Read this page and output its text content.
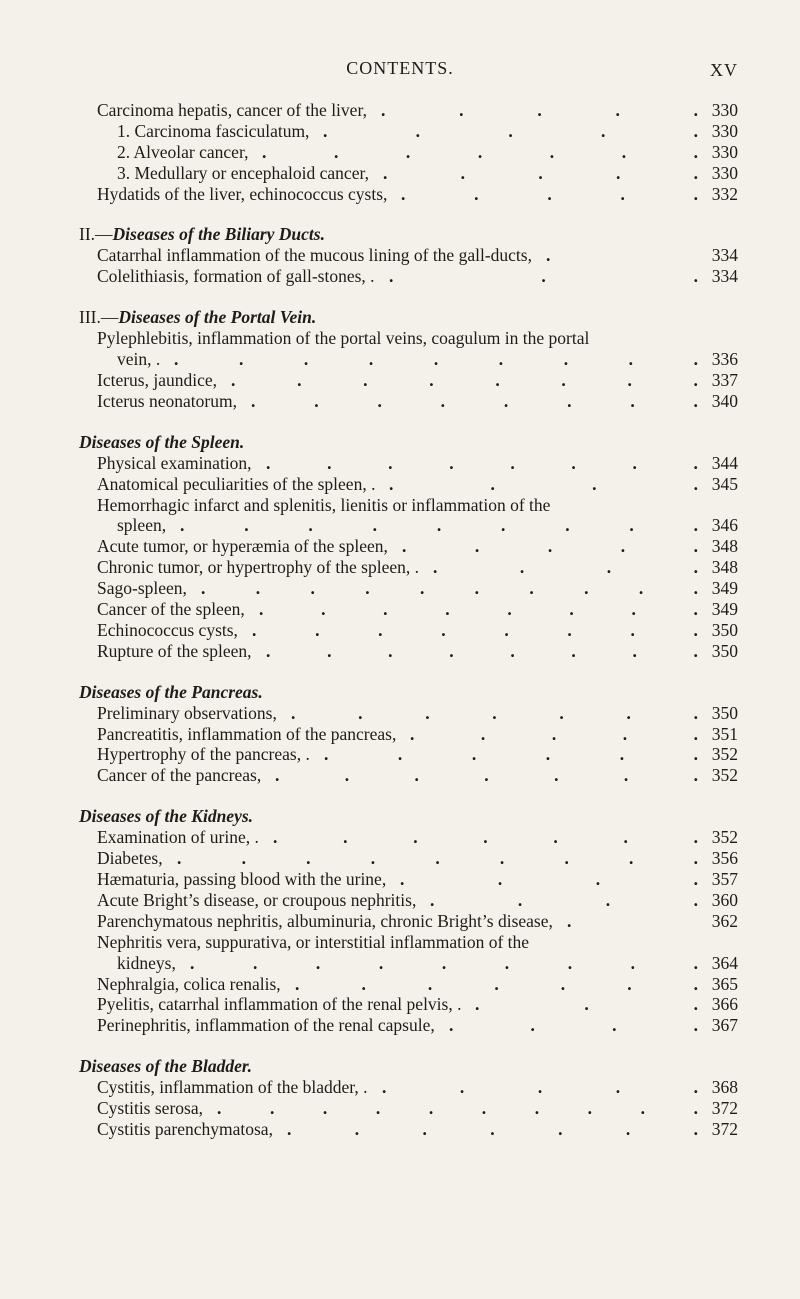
CONTENTS.	XV
Carcinoma hepatis, cancer of the liver, .	.	.	.	. 330
1. Carcinoma fasciculatum, .	.	.	.	. 330
2. Alveolar cancer, .	.	.	.	.	.	. 330
3. Medullary or encephaloid cancer, .	.	.	.	. 330
Hydatids of the liver, echinococcus cysts, .	.	.	.	. 332
II.—Diseases of the Biliary Ducts.
Catarrhal inflammation of the mucous lining of the gall-ducts, .	334
Colelithiasis, formation of gall-stones, . .	.	. 334
III.—Diseases of the Portal Vein.
Pylephlebitis, inflammation of the portal veins, coagulum in the portal
vein, . .	.	.	.	.	.	.	.	. 336
Icterus, jaundice, .	.	.	.	.	.	.	. 337
Icterus neonatorum, .	.	.	.	.	.	.	. 340
Diseases of the Spleen.
Physical examination, .	.	.	.	.	.	.	. 344
Anatomical peculiarities of the spleen, . .	.	.	. 345
Hemorrhagic infarct and splenitis, lienitis or inflammation of the
spleen, .	.	.	.	.	.	.	.	. 346
Acute tumor, or hyperæmia of the spleen, .	.	.	.	. 348
Chronic tumor, or hypertrophy of the spleen, . .	.	.	. 348
Sago-spleen, .	.	.	.	.	.	.	.	.	. 349
Cancer of the spleen, .	.	.	.	.	.	.	. 349
Echinococcus cysts, .	.	.	.	.	.	.	. 350
Rupture of the spleen, .	.	.	.	.	.	.	. 350
Diseases of the Pancreas.
Preliminary observations, .	.	.	.	.	.	. 350
Pancreatitis, inflammation of the pancreas, .	.	.	.	. 351
Hypertrophy of the pancreas, . .	.	.	.	.	. 352
Cancer of the pancreas, .	.	.	.	.	.	. 352
Diseases of the Kidneys.
Examination of urine, . .	.	.	.	.	.	. 352
Diabetes, .	.	.	.	.	.	.	.	. 356
Hæmaturia, passing blood with the urine, .	.	.	. 357
Acute Bright’s disease, or croupous nephritis, .	.	.	. 360
Parenchymatous nephritis, albuminuria, chronic Bright’s disease, .	362
Nephritis vera, suppurativa, or interstitial inflammation of the
kidneys, .	.	.	.	.	.	.	.	. 364
Nephralgia, colica renalis, .	.	.	.	.	.	. 365
Pyelitis, catarrhal inflammation of the renal pelvis, . .	.	. 366
Perinephritis, inflammation of the renal capsule, .	.	.	. 367
Diseases of the Bladder.
Cystitis, inflammation of the bladder, . .	.	.	.	. 368
Cystitis serosa, .	.	.	.	.	.	.	.	.	. 372
Cystitis parenchymatosa, .	.	.	.	.	.	. 372
